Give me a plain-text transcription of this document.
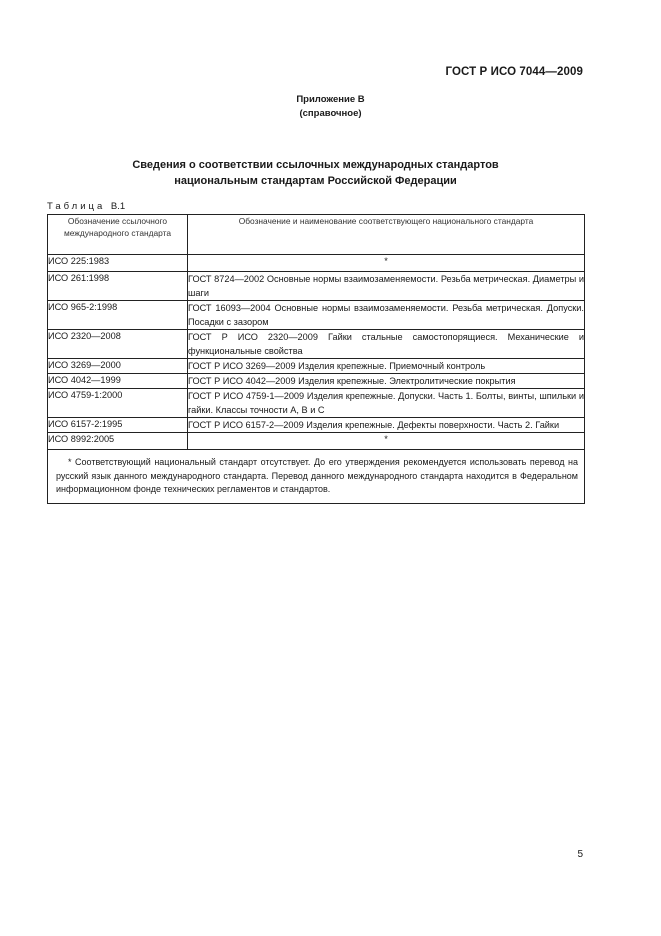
ГОСТ Р ИСО 7044—2009
Приложение В
(справочное)
Сведения о соответствии ссылочных международных стандартов
национальным стандартам Российской Федерации
Таблица В.1
Обозначение ссылочного
международного стандарта	Обозначение и наименование соответствующего национального стандарта
ИСО 225:1983	*
ИСО 261:1998	ГОСТ 8724—2002 Основные нормы взаимозаменяемости. Резьба метрическая. Диаметры и шаги
ИСО 965-2:1998	ГОСТ 16093—2004 Основные нормы взаимозаменяемости. Резьба метрическая. Допуски. Посадки с зазором
ИСО 2320—2008	ГОСТ Р ИСО 2320—2009 Гайки стальные самостопорящиеся. Механические и функциональные свойства
ИСО 3269—2000	ГОСТ Р ИСО 3269—2009 Изделия крепежные. Приемочный контроль
ИСО 4042—1999	ГОСТ Р ИСО 4042—2009 Изделия крепежные. Электролитические покрытия
ИСО 4759-1:2000	ГОСТ Р ИСО 4759-1—2009 Изделия крепежные. Допуски. Часть 1. Болты, винты, шпильки и гайки. Классы точности А, В и С
ИСО 6157-2:1995	ГОСТ Р ИСО 6157-2—2009 Изделия крепежные. Дефекты поверхности. Часть 2. Гайки
ИСО 8992:2005	*
* Соответствующий национальный стандарт отсутствует. До его утверждения рекомендуется использовать перевод на русский язык данного международного стандарта. Перевод данного международного стандарта находится в Федеральном информационном фонде технических регламентов и стандартов.	
5
